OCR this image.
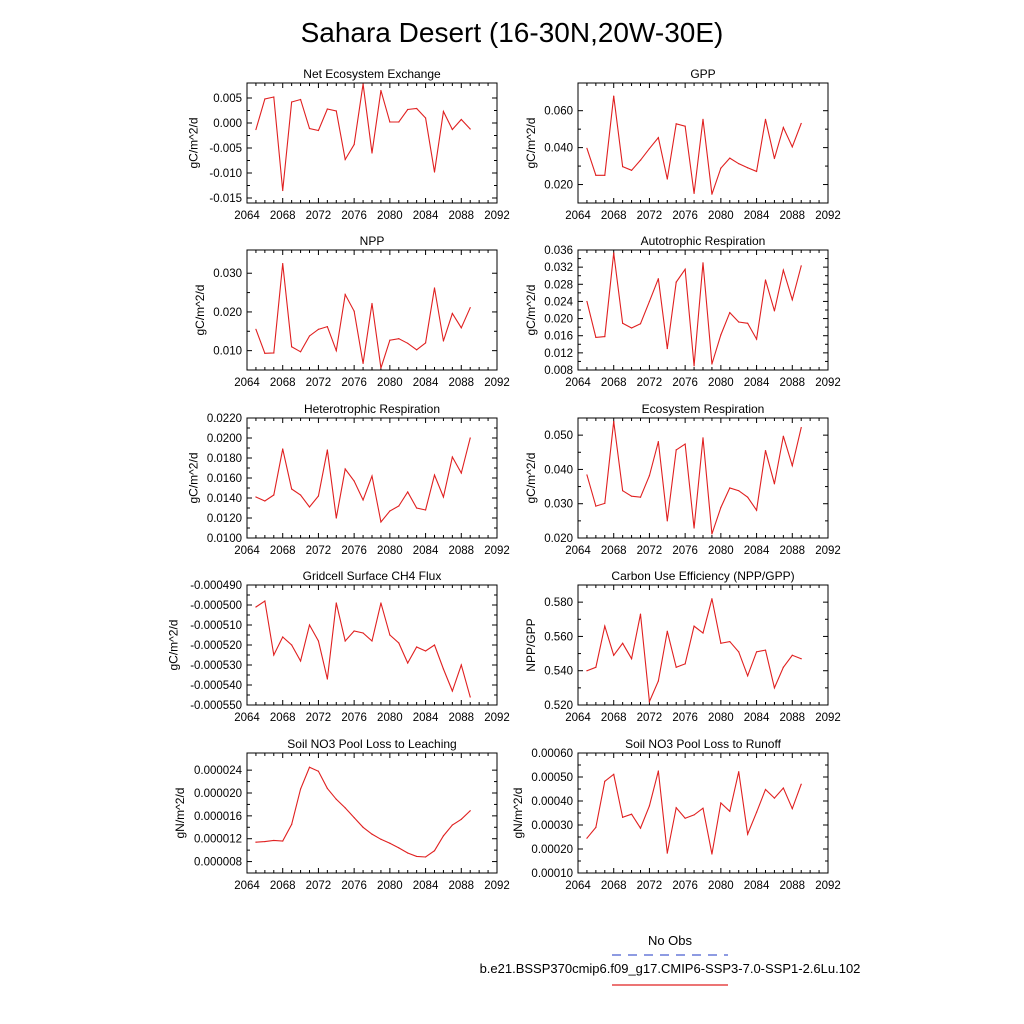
Sahara Desert (16-30N,20W-30E)
2064 2068 2072 2076 2080 2084 2088 2092
-0.015
-0.010
-0.005
0.000
0.005
Net Ecosystem Exchange
gC/m^2/d
2064 2068 2072 2076 2080 2084 2088 2092
0.020
0.040
0.060
GPP
gC/m^2/d
2064 2068 2072 2076 2080 2084 2088 2092
0.010
0.020
0.030
NPP
gC/m^2/d
2064 2068 2072 2076 2080 2084 2088 2092
0.008
0.012
0.016
0.020
0.024
0.028
0.032
0.036
Autotrophic Respiration
gC/m^2/d
2064 2068 2072 2076 2080 2084 2088 2092
0.0100
0.0120
0.0140
0.0160
0.0180
0.0200
0.0220
Heterotrophic Respiration
gC/m^2/d
2064 2068 2072 2076 2080 2084 2088 2092
0.020
0.030
0.040
0.050
Ecosystem Respiration
gC/m^2/d
2064 2068 2072 2076 2080 2084 2088 2092
-0.000550
-0.000540
-0.000530
-0.000520
-0.000510
-0.000500
-0.000490
Gridcell Surface CH4 Flux
gC/m^2/d
2064 2068 2072 2076 2080 2084 2088 2092
0.520
0.540
0.560
0.580
Carbon Use Efficiency (NPP/GPP)
NPP/GPP
2064 2068 2072 2076 2080 2084 2088 2092
0.000008
0.000012
0.000016
0.000020
0.000024
Soil NO3 Pool Loss to Leaching
gN/m^2/d
2064 2068 2072 2076 2080 2084 2088 2092
0.00010
0.00020
0.00030
0.00040
0.00050
0.00060
Soil NO3 Pool Loss to Runoff
gN/m^2/d
No Obs
b.e21.BSSP370cmip6.f09_g17.CMIP6-SSP3-7.0-SSP1-2.6Lu.102
